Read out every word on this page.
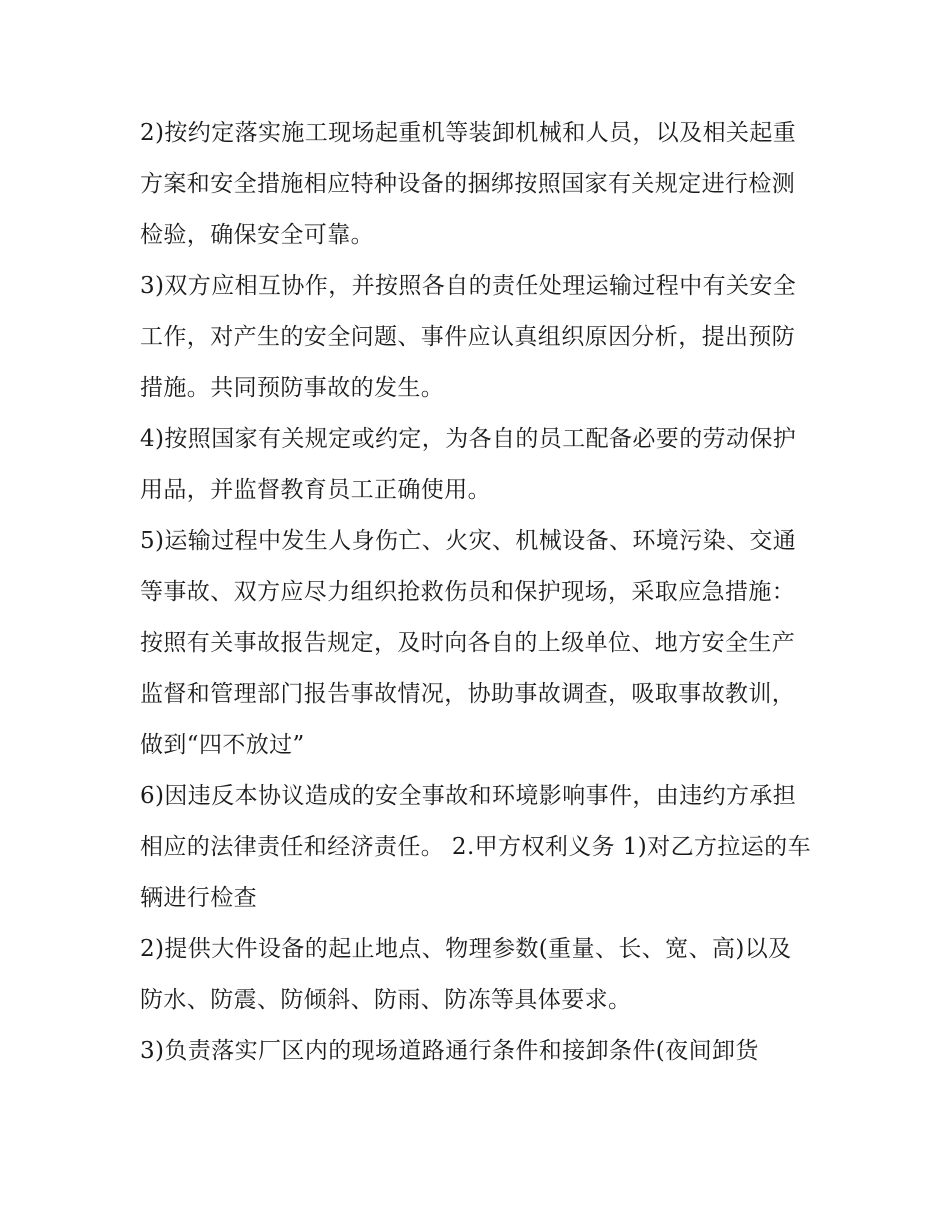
2)按约定落实施工现场起重机等装卸机械和人员，以及相关起重方案和安全措施相应特种设备的捆绑按照国家有关规定进行检测检验，确保安全可靠。

3)双方应相互协作，并按照各自的责任处理运输过程中有关安全工作，对产生的安全问题、事件应认真组织原因分析，提出预防措施。共同预防事故的发生。

4)按照国家有关规定或约定，为各自的员工配备必要的劳动保护用品，并监督教育员工正确使用。

5)运输过程中发生人身伤亡、火灾、机械设备、环境污染、交通等事故、双方应尽力组织抢救伤员和保护现场，采取应急措施：

按照有关事故报告规定，及时向各自的上级单位、地方安全生产监督和管理部门报告事故情况，协助事故调查，吸取事故教训，做到“四不放过”

6)因违反本协议造成的安全事故和环境影响事件，由违约方承担相应的法律责任和经济责任。 2.甲方权利义务 1)对乙方拉运的车辆进行检查

2)提供大件设备的起止地点、物理参数(重量、长、宽、高)以及防水、防震、防倾斜、防雨、防冻等具体要求。

3)负责落实厂区内的现场道路通行条件和接卸条件(夜间卸货
